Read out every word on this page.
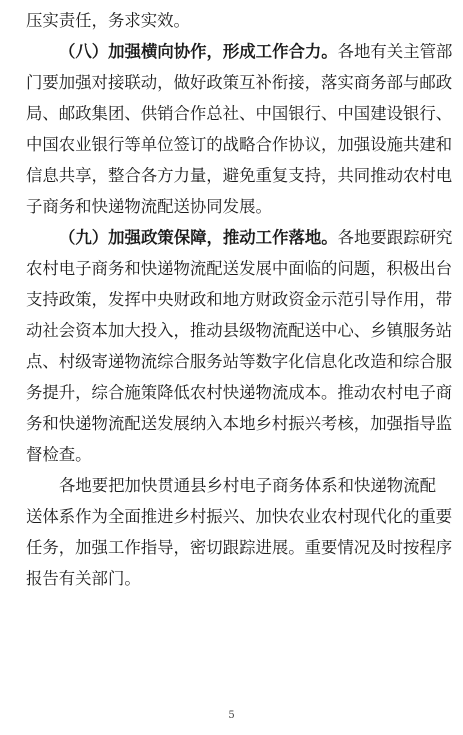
压实责任，务求实效。
（八）加强横向协作，形成工作合力。各地有关主管部
门要加强对接联动，做好政策互补衔接，落实商务部与邮政
局、邮政集团、供销合作总社、中国银行、中国建设银行、
中国农业银行等单位签订的战略合作协议，加强设施共建和
信息共享，整合各方力量，避免重复支持，共同推动农村电
子商务和快递物流配送协同发展。
（九）加强政策保障，推动工作落地。各地要跟踪研究
农村电子商务和快递物流配送发展中面临的问题，积极出台
支持政策，发挥中央财政和地方财政资金示范引导作用，带
动社会资本加大投入，推动县级物流配送中心、乡镇服务站
点、村级寄递物流综合服务站等数字化信息化改造和综合服
务提升，综合施策降低农村快递物流成本。推动农村电子商
务和快递物流配送发展纳入本地乡村振兴考核，加强指导监
督检查。
各地要把加快贯通县乡村电子商务体系和快递物流配
送体系作为全面推进乡村振兴、加快农业农村现代化的重要
任务，加强工作指导，密切跟踪进展。重要情况及时按程序
报告有关部门。
5
